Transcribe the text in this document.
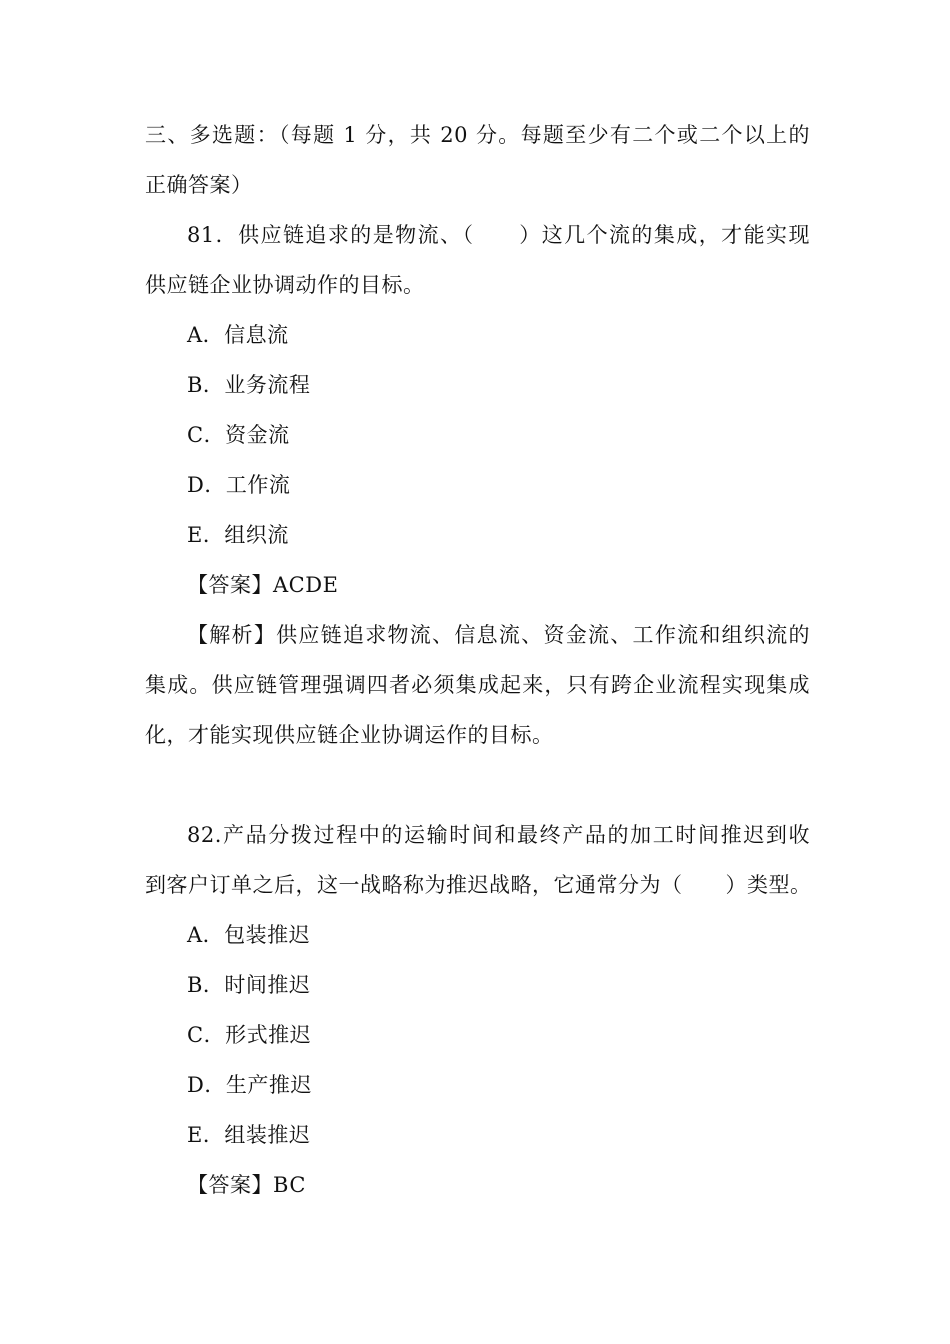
三、多选题：（每题 1 分，共 20 分。每题至少有二个或二个以上的
正确答案）
81．供应链追求的是物流、（　　）这几个流的集成，才能实现
供应链企业协调动作的目标。
A．信息流
B．业务流程
C．资金流
D．工作流
E．组织流
【答案】ACDE
【解析】供应链追求物流、信息流、资金流、工作流和组织流的
集成。供应链管理强调四者必须集成起来，只有跨企业流程实现集成
化，才能实现供应链企业协调运作的目标。
82.产品分拨过程中的运输时间和最终产品的加工时间推迟到收
到客户订单之后，这一战略称为推迟战略，它通常分为（　　）类型。
A．包装推迟
B．时间推迟
C．形式推迟
D．生产推迟
E．组装推迟
【答案】BC
